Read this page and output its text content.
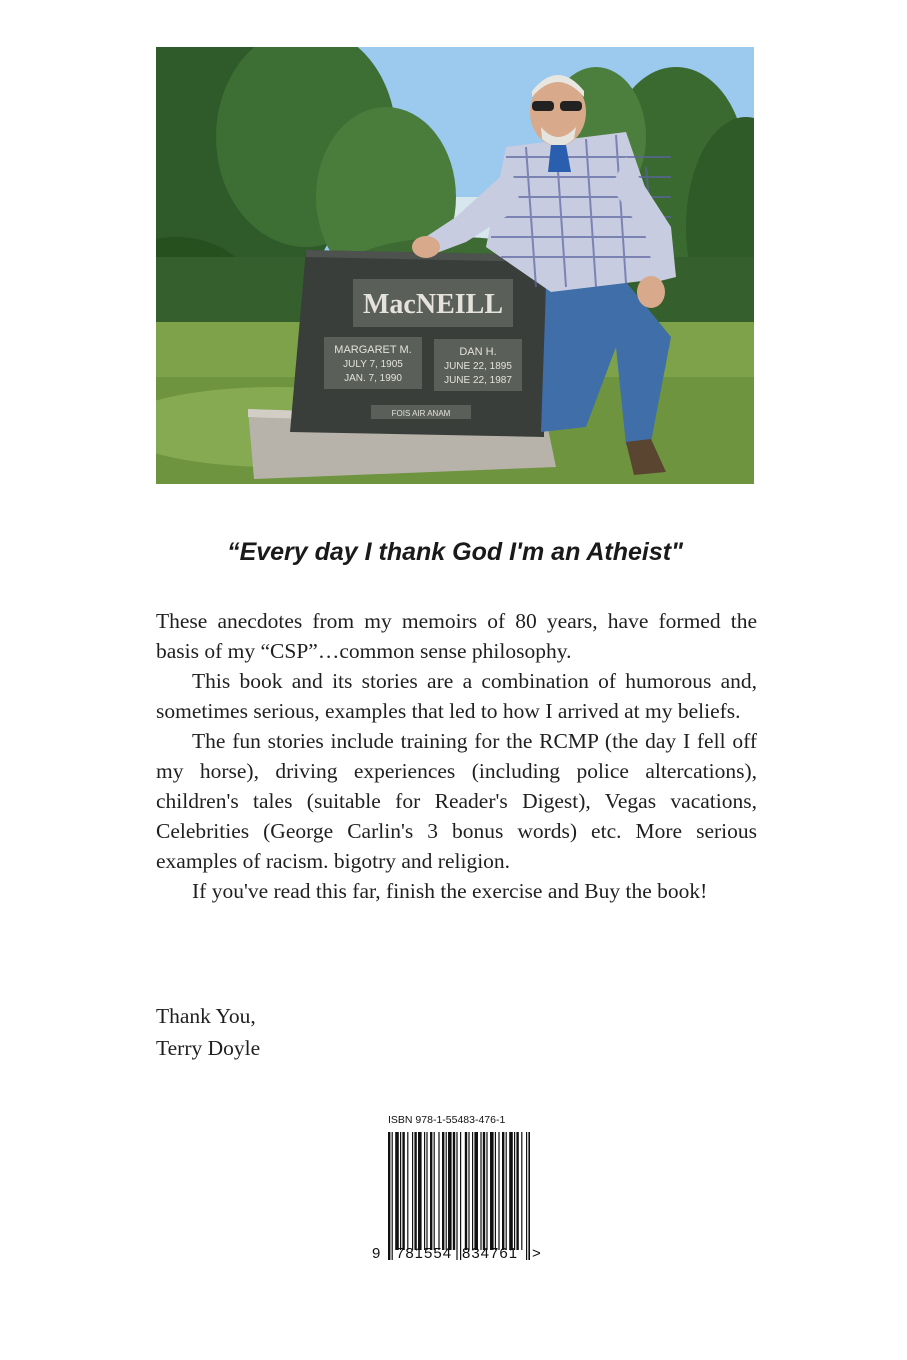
MacNEILL
MARGARET M.
JULY 7, 1905
JAN. 7, 1990
DAN H.
JUNE 22, 1895
JUNE 22, 1987
FOIS AIR ANAM
“Every day I thank God I'm an Atheist"

These anecdotes from my memoirs of 80 years, have formed the basis of my “CSP”…common sense philosophy.

This book and its stories are a combination of humorous and, sometimes serious, examples that led to how I arrived at my beliefs.

The fun stories include training for the RCMP (the day I fell off my horse), driving experiences (including police altercations), children's tales (suitable for Reader's Digest), Vegas vacations, Celebrities (George Carlin's 3 bonus words) etc. More serious examples of racism. bigotry and religion.

If you've read this far, finish the exercise and Buy the book!

Thank You,
Terry Doyle
ISBN 978-1-55483-476-1
9 781554 834761 >
